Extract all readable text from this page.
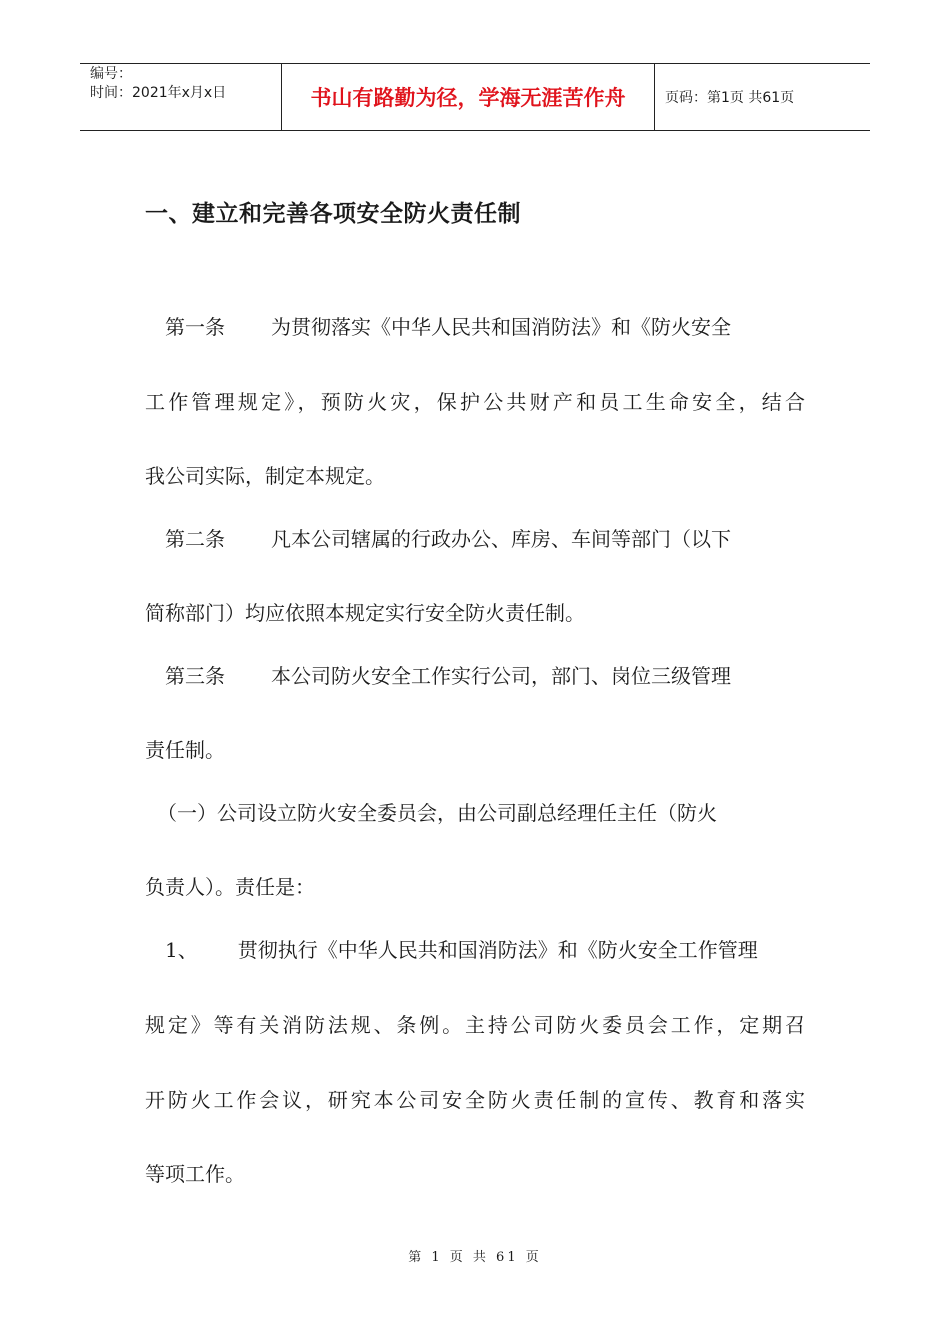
编号：
时间：2021年x月x日	书山有路勤为径，学海无涯苦作舟	页码：第1页 共61页
一、建立和完善各项安全防火责任制
第一条 为贯彻落实《中华人民共和国消防法》和《防火安全
工作管理规定》，预防火灾，保护公共财产和员工生命安全，结合
我公司实际，制定本规定。
第二条 凡本公司辖属的行政办公、库房、车间等部门（以下
简称部门）均应依照本规定实行安全防火责任制。
第三条 本公司防火安全工作实行公司，部门、岗位三级管理
责任制。
（一）公司设立防火安全委员会，由公司副总经理任主任（防火
负责人）。责任是：
1、 贯彻执行《中华人民共和国消防法》和《防火安全工作管理
规定》等有关消防法规、条例。主持公司防火委员会工作，定期召
开防火工作会议，研究本公司安全防火责任制的宣传、教育和落实
等项工作。
第 1 页 共 61 页
